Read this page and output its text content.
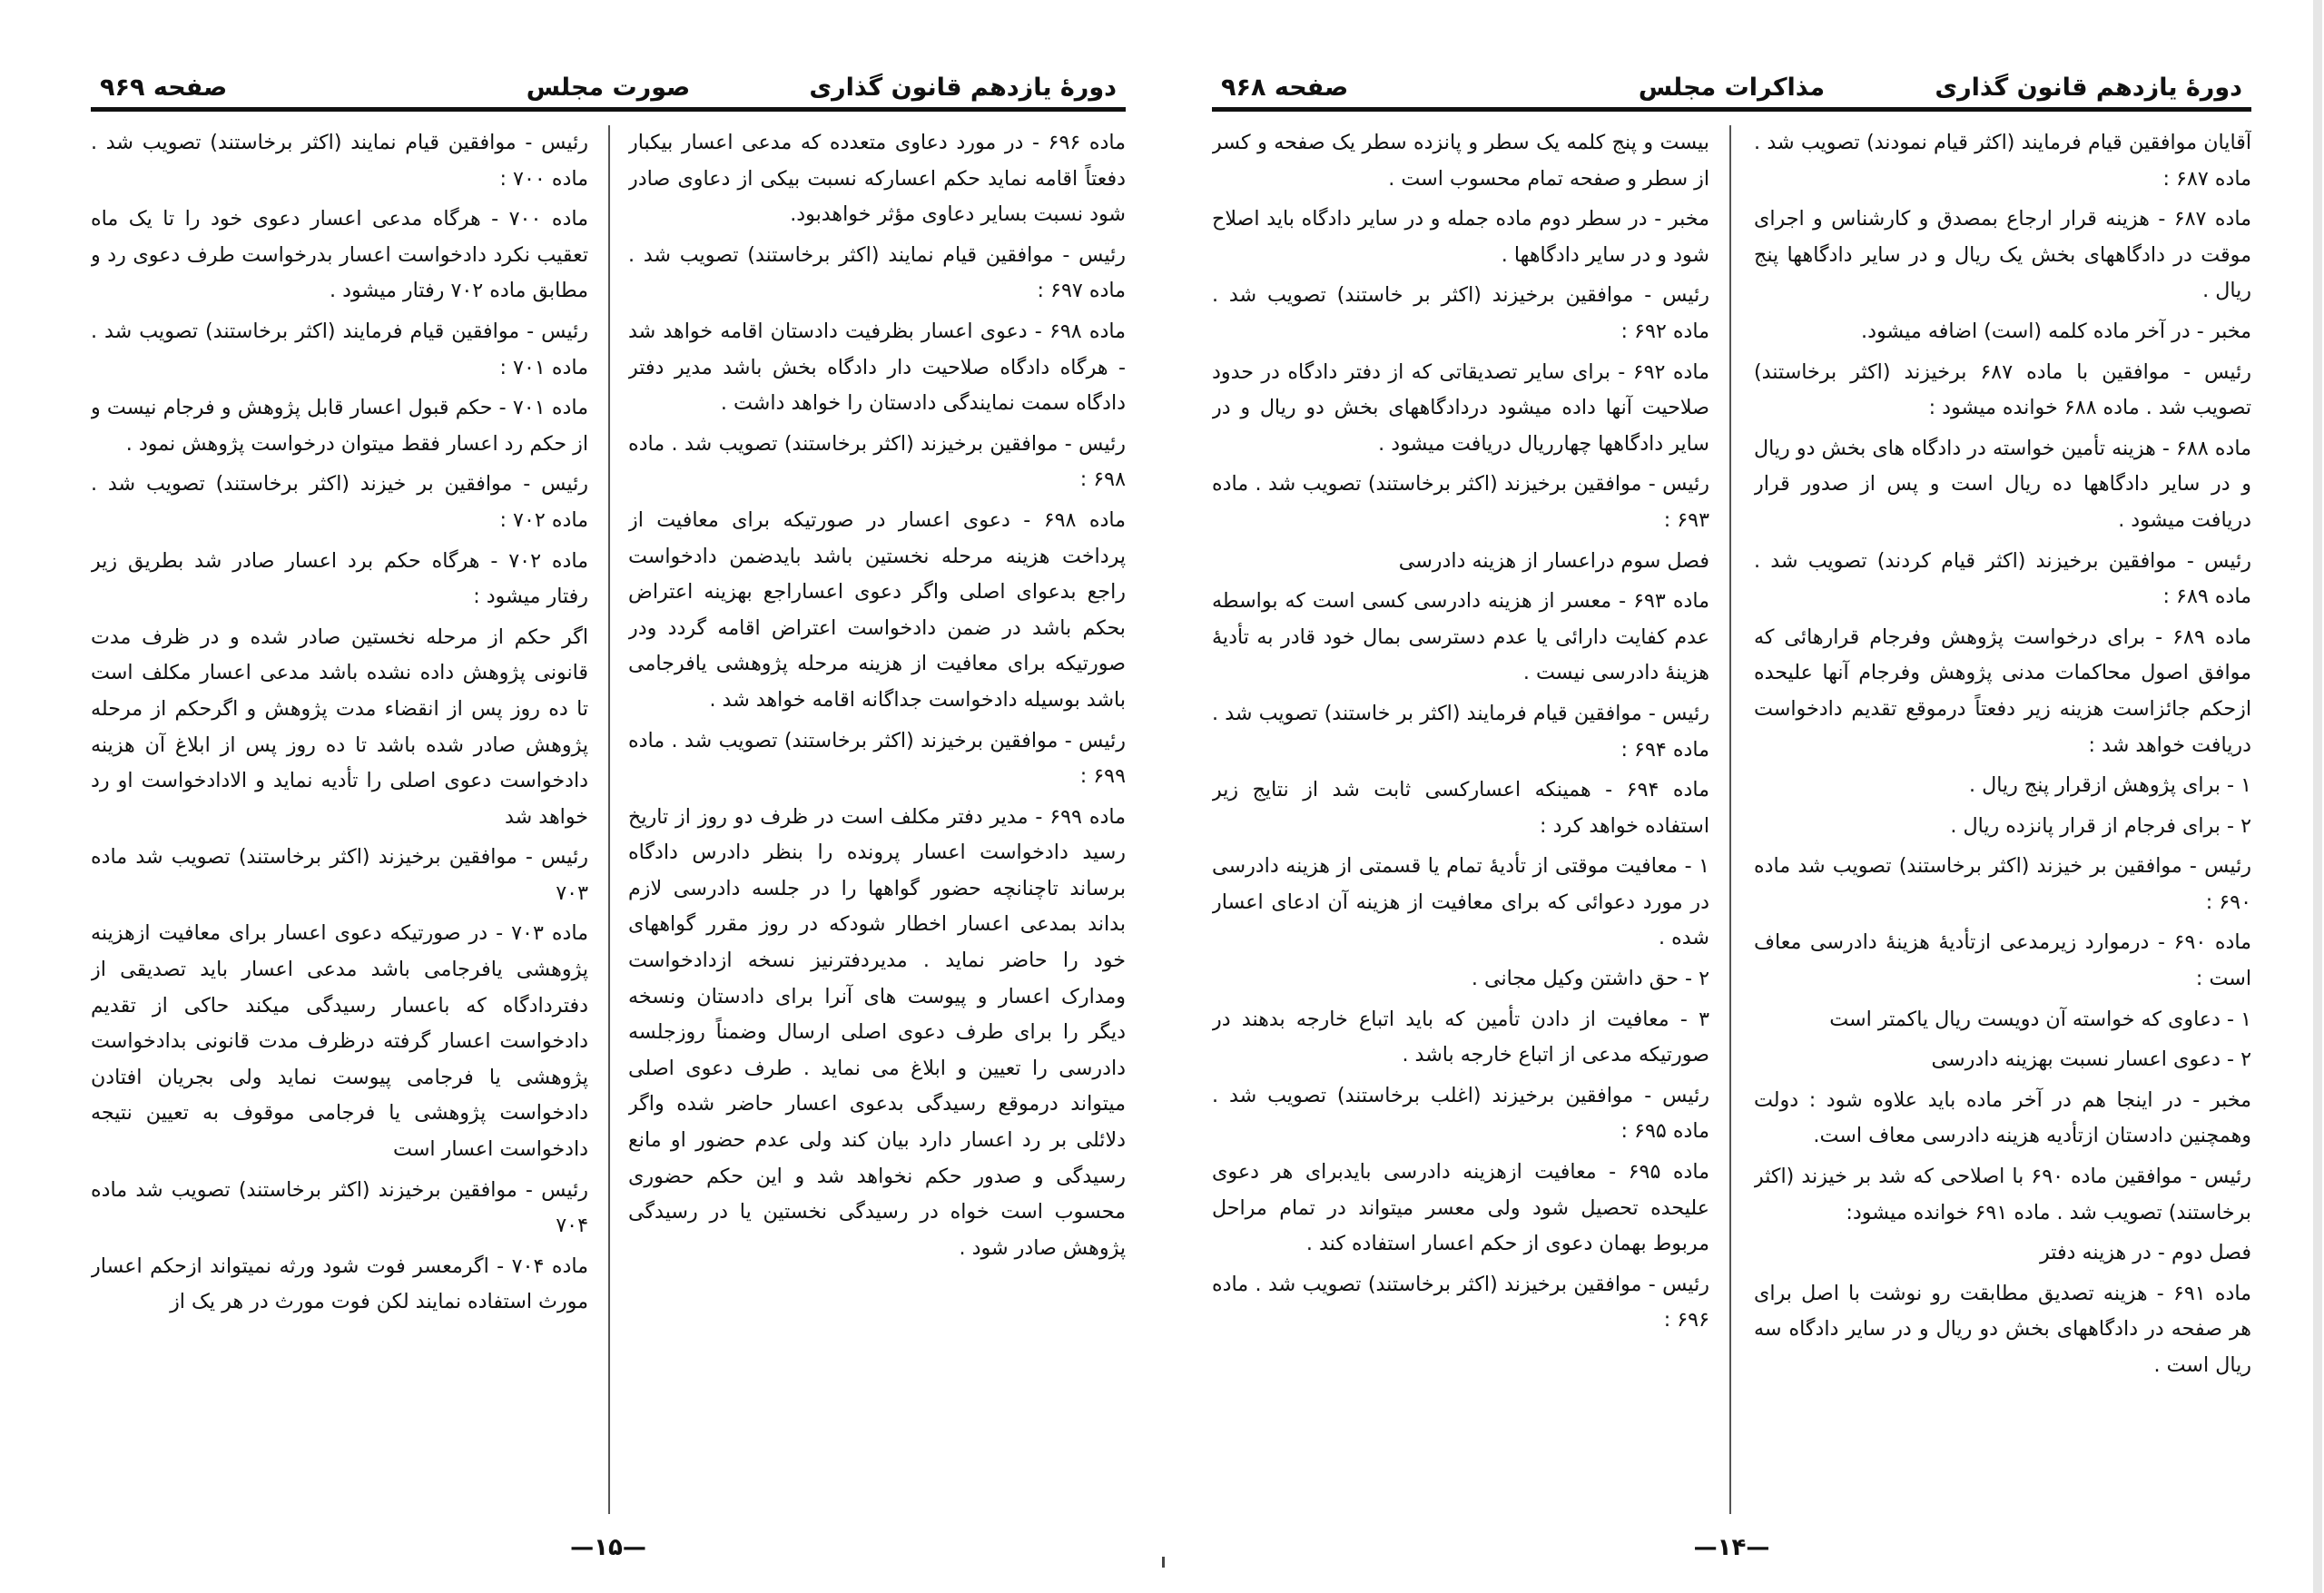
دورهٔ یازدهم قانون گذاری
صورت مجلس
صفحه ۹۶۹

ماده ۶۹۶ - در مورد دعاوی متعدده که مدعی اعسار بیکبار دفعتاً اقامه نماید حکم اعسارکه نسبت بیکی از دعاوی صادر شود نسبت بسایر دعاوی مؤثر خواهدبود.

رئیس - موافقین قیام نمایند (اکثر برخاستند) تصویب شد . ماده ۶۹۷ :

ماده ۶۹۸ - دعوی اعسار بظرفیت دادستان اقامه خواهد شد - هرگاه دادگاه صلاحیت دار دادگاه بخش باشد مدیر دفتر دادگاه سمت نمایندگی دادستان را خواهد داشت .

رئیس - موافقین برخیزند (اکثر برخاستند) تصویب شد . ماده ۶۹۸ :

ماده ۶۹۸ - دعوی اعسار در صورتیکه برای معافیت از پرداخت هزینه مرحله نخستین باشد بایدضمن دادخواست راجع بدعوای اصلی واگر دعوی اعساراجع بهزینه اعتراض بحکم باشد در ضمن دادخواست اعتراض اقامه گردد ودر صورتیکه برای معافیت از هزینه مرحله پژوهشی یافرجامی باشد بوسیله دادخواست جداگانه اقامه خواهد شد .

رئیس - موافقین برخیزند (اکثر برخاستند) تصویب شد . ماده ۶۹۹ :

ماده ۶۹۹ - مدیر دفتر مکلف است در ظرف دو روز از تاریخ رسید دادخواست اعسار پرونده را بنظر دادرس دادگاه برساند تاچنانچه حضور گواهها را در جلسه دادرسی لازم بداند بمدعی اعسار اخطار شودکه در روز مقرر گواههای خود را حاضر نماید . مدیردفترنیز نسخه ازدادخواست ومدارک اعسار و پیوست های آنرا برای دادستان ونسخه دیگر را برای طرف دعوی اصلی ارسال وضمناً روزجلسه دادرسی را تعیین و ابلاغ می نماید . طرف دعوی اصلی میتواند درموقع رسیدگی بدعوی اعسار حاضر شده واگر دلائلی بر رد اعسار دارد بیان کند ولی عدم حضور او مانع رسیدگی و صدور حکم نخواهد شد و این حکم حضوری محسوب است خواه در رسیدگی نخستین یا در رسیدگی پژوهش صادر شود .

رئیس - موافقین قیام نمایند (اکثر برخاستند) تصویب شد . ماده ۷۰۰ :

ماده ۷۰۰ - هرگاه مدعی اعسار دعوی خود را تا یک ماه تعقیب نکرد دادخواست اعسار بدرخواست طرف دعوی رد و مطابق ماده ۷۰۲ رفتار میشود .

رئیس - موافقین قیام فرمایند (اکثر برخاستند) تصویب شد . ماده ۷۰۱ :

ماده ۷۰۱ - حکم قبول اعسار قابل پژوهش و فرجام نیست و از حکم رد اعسار فقط میتوان درخواست پژوهش نمود .

رئیس - موافقین بر خیزند (اکثر برخاستند) تصویب شد . ماده ۷۰۲ :

ماده ۷۰۲ - هرگاه حکم برد اعسار صادر شد بطریق زیر رفتار میشود :

اگر حکم از مرحله نخستین صادر شده و در ظرف مدت قانونی پژوهش داده نشده باشد مدعی اعسار مکلف است تا ده روز پس از انقضاء مدت پژوهش و اگرحکم از مرحله پژوهش صادر شده باشد تا ده روز پس از ابلاغ آن هزینه دادخواست دعوی اصلی را تأدیه نماید و الادادخواست او رد خواهد شد

رئیس - موافقین برخیزند (اکثر برخاستند) تصویب شد ماده ۷۰۳

ماده ۷۰۳ - در صورتیکه دعوی اعسار برای معافیت ازهزینه پژوهشی یافرجامی باشد مدعی اعسار باید تصدیقی از دفتردادگاه که باعسار رسیدگی میکند حاکی از تقدیم دادخواست اعسار گرفته درظرف مدت قانونی بدادخواست پژوهشی یا فرجامی پیوست نماید ولی بجریان افتادن دادخواست پژوهشی یا فرجامی موقوف به تعیین نتیجه دادخواست اعسار است

رئیس - موافقین برخیزند (اکثر برخاستند) تصویب شد ماده ۷۰۴

ماده ۷۰۴ - اگرمعسر فوت شود ورثه نمیتواند ازحکم اعسار مورث استفاده نمایند لکن فوت مورث در هر یک از

—۱۵—
دورهٔ یازدهم قانون گذاری
مذاکرات مجلس
صفحه ۹۶۸

آقایان موافقین قیام فرمایند (اکثر قیام نمودند) تصویب شد . ماده ۶۸۷ :

ماده ۶۸۷ - هزینه قرار ارجاع بمصدق و کارشناس و اجرای موقت در دادگاههای بخش یک ریال و در سایر دادگاهها پنج ریال .

مخبر - در آخر ماده کلمه (است) اضافه میشود.

رئیس - موافقین با ماده ۶۸۷ برخیزند (اکثر برخاستند) تصویب شد . ماده ۶۸۸ خوانده میشود :

ماده ۶۸۸ - هزینه تأمین خواسته در دادگاه های بخش دو ریال و در سایر دادگاهها ده ریال است و پس از صدور قرار دریافت میشود .

رئیس - موافقین برخیزند (اکثر قیام کردند) تصویب شد . ماده ۶۸۹ :

ماده ۶۸۹ - برای درخواست پژوهش وفرجام قرارهائی که موافق اصول محاکمات مدنی پژوهش وفرجام آنها علیحده ازحکم جائزاست هزینه زیر دفعتاً درموقع تقدیم دادخواست دریافت خواهد شد :

۱ - برای پژوهش ازقرار پنج ریال .

۲ - برای فرجام از قرار پانزده ریال .

رئیس - موافقین بر خیزند (اکثر برخاستند) تصویب شد ماده ۶۹۰ :

ماده ۶۹۰ - درموارد زیرمدعی ازتأدیهٔ هزینهٔ دادرسی معاف است :

۱ - دعاوی که خواسته آن دویست ریال یاکمتر است

۲ - دعوی اعسار نسبت بهزینه دادرسی

مخبر - در اینجا هم در آخر ماده باید علاوه شود : دولت وهمچنین دادستان ازتأدیه هزینه دادرسی معاف است.

رئیس - موافقین ماده ۶۹۰ با اصلاحی که شد بر خیزند (اکثر برخاستند) تصویب شد . ماده ۶۹۱ خوانده میشود:

فصل دوم - در هزینه دفتر

ماده ۶۹۱ - هزینه تصدیق مطابقت رو نوشت با اصل برای هر صفحه در دادگاههای بخش دو ریال و در سایر دادگاه سه ریال است .

بیست و پنج کلمه یک سطر و پانزده سطر یک صفحه و کسر از سطر و صفحه تمام محسوب است .

مخبر - در سطر دوم ماده جمله و در سایر دادگاه باید اصلاح شود و در سایر دادگاهها .

رئیس - موافقین برخیزند (اکثر بر خاستند) تصویب شد . ماده ۶۹۲ :

ماده ۶۹۲ - برای سایر تصدیقاتی که از دفتر دادگاه در حدود صلاحیت آنها داده میشود دردادگاههای بخش دو ریال و در سایر دادگاهها چهارریال دریافت میشود .

رئیس - موافقین برخیزند (اکثر برخاستند) تصویب شد . ماده ۶۹۳ :

فصل سوم دراعسار از هزینه دادرسی

ماده ۶۹۳ - معسر از هزینه دادرسی کسی است که بواسطه عدم کفایت دارائی یا عدم دسترسی بمال خود قادر به تأدیهٔ هزینهٔ دادرسی نیست .

رئیس - موافقین قیام فرمایند (اکثر بر خاستند) تصویب شد . ماده ۶۹۴ :

ماده ۶۹۴ - همینکه اعسارکسی ثابت شد از نتایج زیر استفاده خواهد کرد :

۱ - معافیت موقتی از تأدیهٔ تمام یا قسمتی از هزینه دادرسی در مورد دعوائی که برای معافیت از هزینه آن ادعای اعسار شده .

۲ - حق داشتن وکیل مجانی .

۳ - معافیت از دادن تأمین که باید اتباع خارجه بدهند در صورتیکه مدعی از اتباع خارجه باشد .

رئیس - موافقین برخیزند (اغلب برخاستند) تصویب شد . ماده ۶۹۵ :

ماده ۶۹۵ - معافیت ازهزینه دادرسی بایدبرای هر دعوی علیحده تحصیل شود ولی معسر میتواند در تمام مراحل مربوط بهمان دعوی از حکم اعسار استفاده کند .

رئیس - موافقین برخیزند (اکثر برخاستند) تصویب شد . ماده ۶۹۶ :

—۱۴—
